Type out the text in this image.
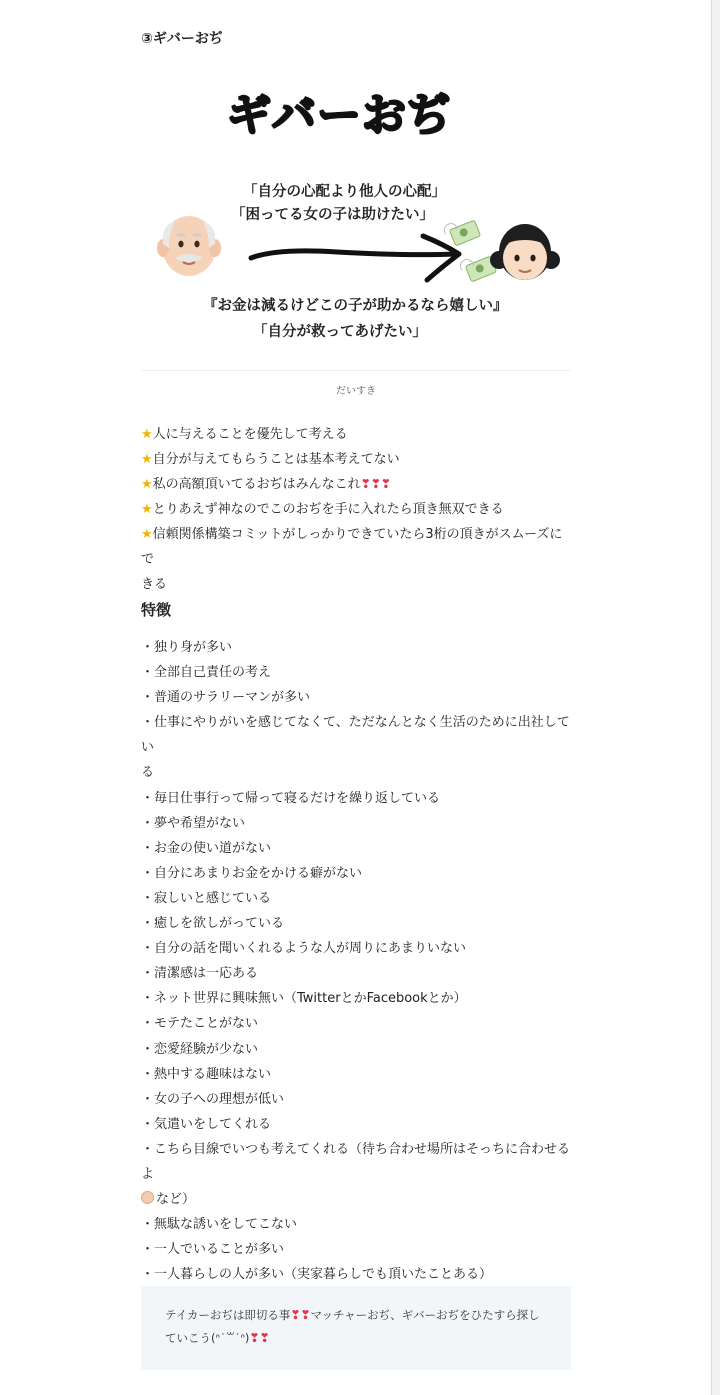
③ギバーおぢ
ギバーおぢ
「自分の心配より他人の心配」
「困ってる女の子は助けたい」
『お金は減るけどこの子が助かるなら嬉しい』
「自分が救ってあげたい」
だいすき
★人に与えることを優先して考える
★自分が与えてもらうことは基本考えてない
★私の高額頂いてるおぢはみんなこれ❣❣❣
★とりあえず神なのでこのおぢを手に入れたら頂き無双できる
★信頼関係構築コミットがしっかりできていたら3桁の頂きがスムーズにで
きる
特徴
・独り身が多い
・全部自己責任の考え
・普通のサラリーマンが多い
・仕事にやりがいを感じてなくて、ただなんとなく生活のために出社してい
る
・毎日仕事行って帰って寝るだけを繰り返している
・夢や希望がない
・お金の使い道がない
・自分にあまりお金をかける癖がない
・寂しいと感じている
・癒しを欲しがっている
・自分の話を聞いくれるような人が周りにあまりいない
・清潔感は一応ある
・ネット世界に興味無い（TwitterとかFacebookとか）
・モテたことがない
・恋愛経験が少ない
・熱中する趣味はない
・女の子への理想が低い
・気遣いをしてくれる
・こちら目線でいつも考えてくれる（待ち合わせ場所はそっちに合わせるよ
など）
・無駄な誘いをしてこない
・一人でいることが多い
・一人暮らしの人が多い（実家暮らしでも頂いたことある）
テイカーおぢは即切る事❣❣マッチャーおぢ、ギバーおぢをひたすら探し
ていこう(ᐢ˙꒳˙ᐢ)❣❣
